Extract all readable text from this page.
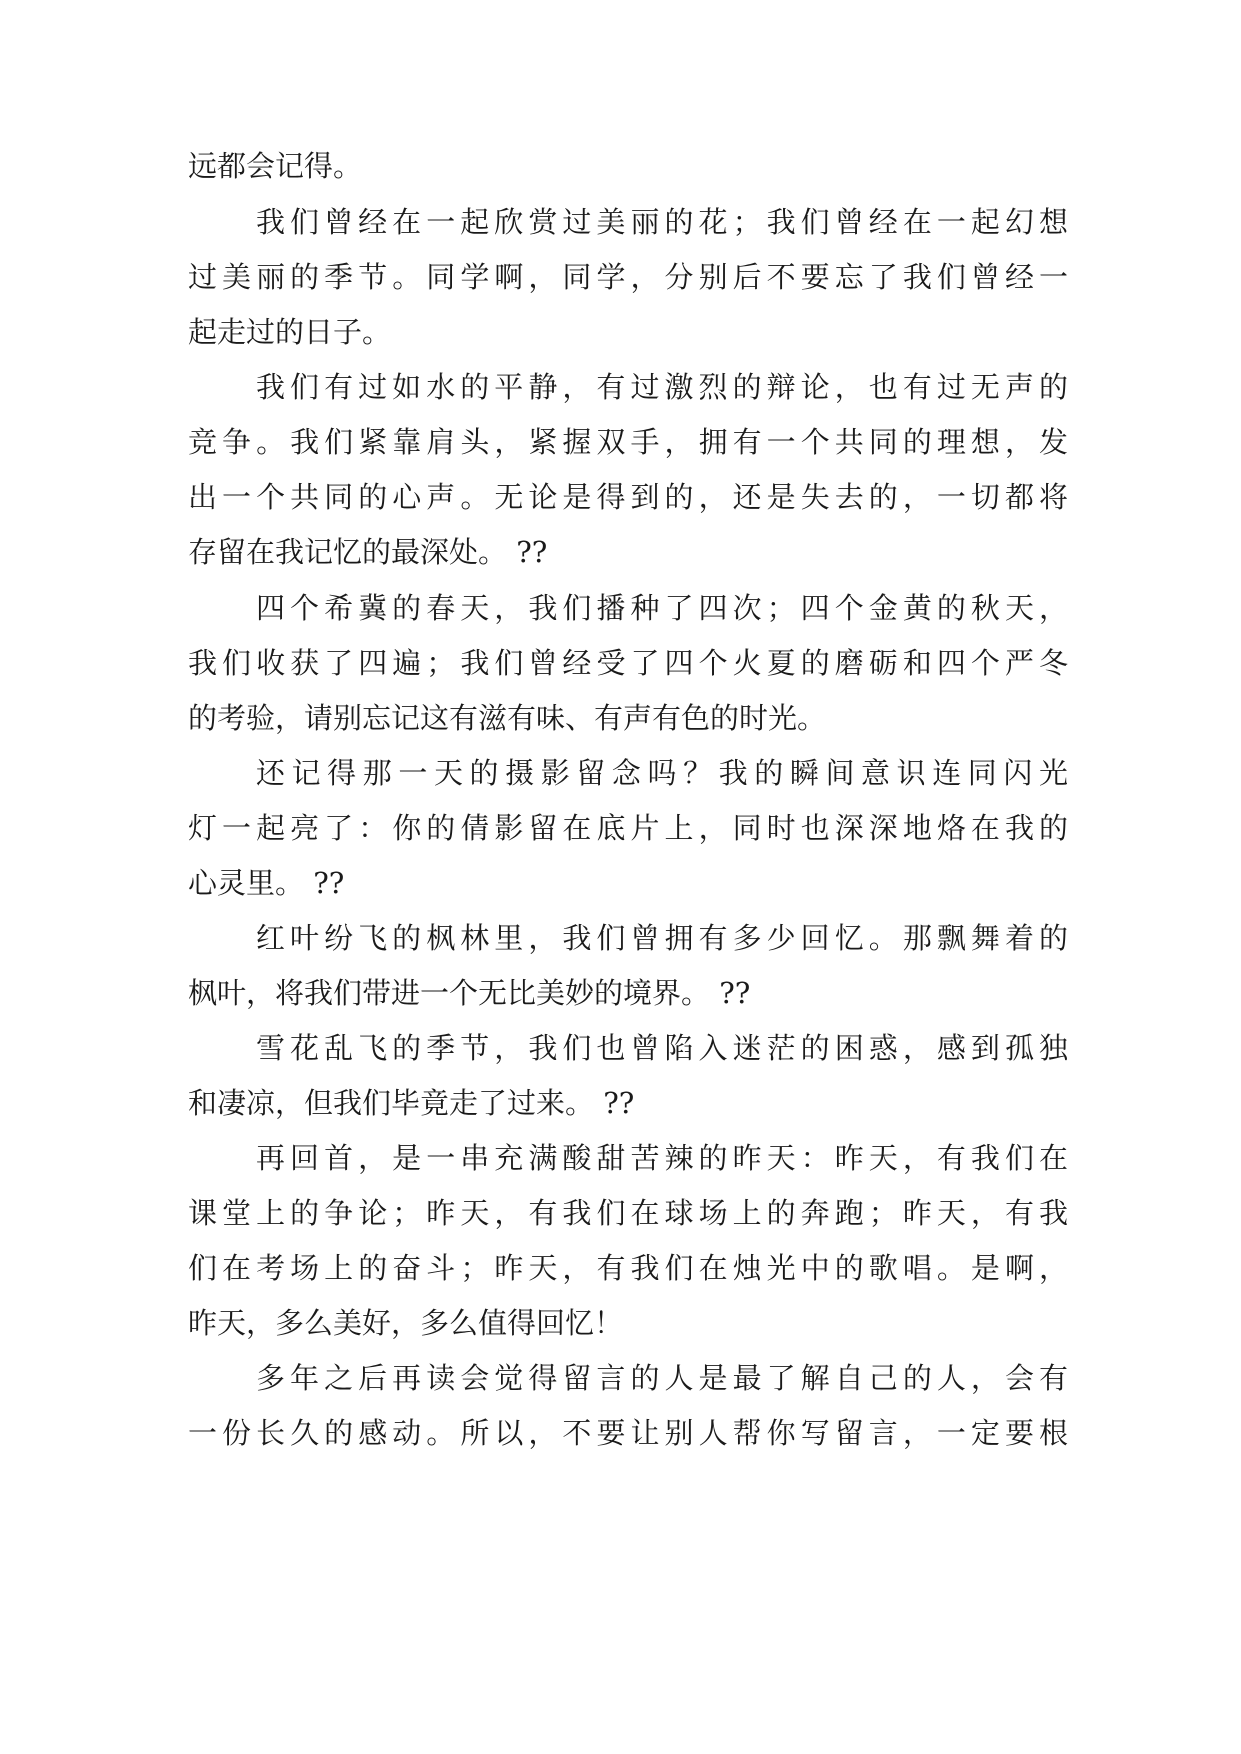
远都会记得。

我们曾经在一起欣赏过美丽的花；我们曾经在一起幻想

过美丽的季节。同学啊，同学，分别后不要忘了我们曾经一

起走过的日子。

我们有过如水的平静，有过激烈的辩论，也有过无声的

竞争。我们紧靠肩头，紧握双手，拥有一个共同的理想，发

出一个共同的心声。无论是得到的，还是失去的，一切都将

存留在我记忆的最深处。 ??

四个希冀的春天，我们播种了四次；四个金黄的秋天，

我们收获了四遍；我们曾经受了四个火夏的磨砺和四个严冬

的考验，请别忘记这有滋有味、有声有色的时光。

还记得那一天的摄影留念吗？我的瞬间意识连同闪光

灯一起亮了：你的倩影留在底片上，同时也深深地烙在我的

心灵里。 ??

红叶纷飞的枫林里，我们曾拥有多少回忆。那飘舞着的

枫叶，将我们带进一个无比美妙的境界。 ??

雪花乱飞的季节，我们也曾陷入迷茫的困惑，感到孤独

和凄凉，但我们毕竟走了过来。 ??

再回首，是一串充满酸甜苦辣的昨天：昨天，有我们在

课堂上的争论；昨天，有我们在球场上的奔跑；昨天，有我

们在考场上的奋斗；昨天，有我们在烛光中的歌唱。是啊，

昨天，多么美好，多么值得回忆！

多年之后再读会觉得留言的人是最了解自己的人，会有

一份长久的感动。所以，不要让别人帮你写留言，一定要根
